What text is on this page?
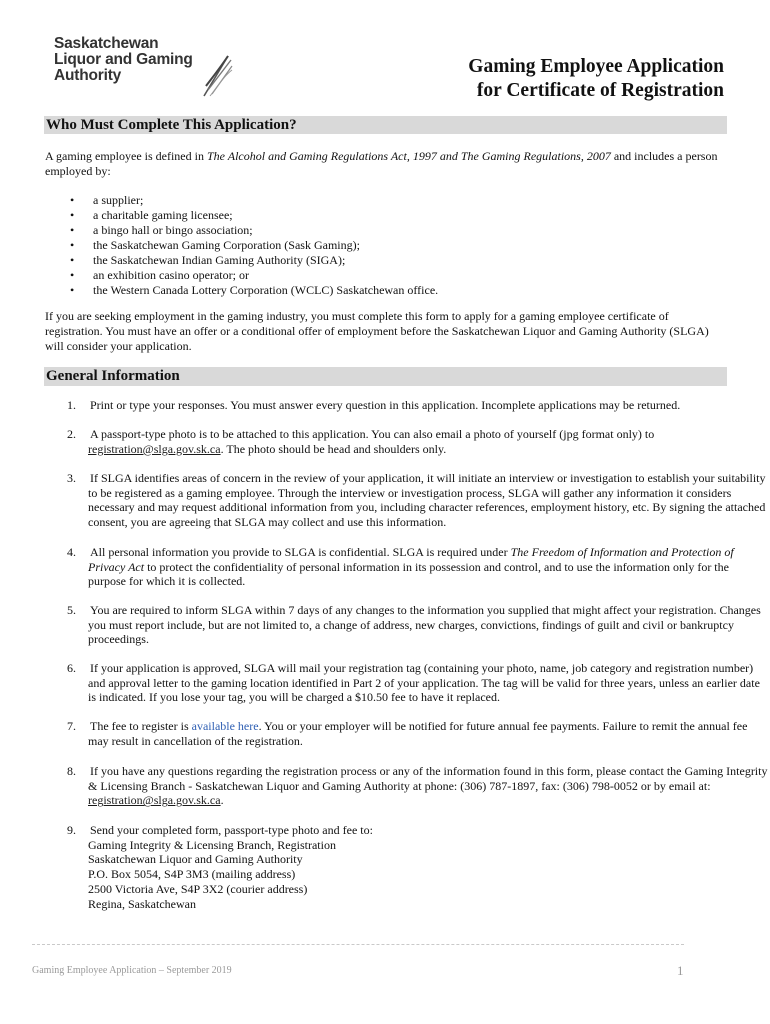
Saskatchewan
Liquor and Gaming
Authority	Gaming Employee Application
for Certificate of Registration
Who Must Complete This Application?
A gaming employee is defined in The Alcohol and Gaming Regulations Act, 1997 and The Gaming Regulations, 2007 and includes a person employed by:
• a supplier;
• a charitable gaming licensee;
• a bingo hall or bingo association;
• the Saskatchewan Gaming Corporation (Sask Gaming);
• the Saskatchewan Indian Gaming Authority (SIGA);
• an exhibition casino operator; or
• the Western Canada Lottery Corporation (WCLC) Saskatchewan office.
If you are seeking employment in the gaming industry, you must complete this form to apply for a gaming employee certificate of registration. You must have an offer or a conditional offer of employment before the Saskatchewan Liquor and Gaming Authority (SLGA) will consider your application.
General Information
1. Print or type your responses. You must answer every question in this application. Incomplete applications may be returned.
2. A passport-type photo is to be attached to this application. You can also email a photo of yourself (jpg format only) to registration@slga.gov.sk.ca. The photo should be head and shoulders only.
3. If SLGA identifies areas of concern in the review of your application, it will initiate an interview or investigation to establish your suitability to be registered as a gaming employee. Through the interview or investigation process, SLGA will gather any information it considers necessary and may request additional information from you, including character references, employment history, etc. By signing the attached consent, you are agreeing that SLGA may collect and use this information.
4. All personal information you provide to SLGA is confidential. SLGA is required under The Freedom of Information and Protection of Privacy Act to protect the confidentiality of personal information in its possession and control, and to use the information only for the purpose for which it is collected.
5. You are required to inform SLGA within 7 days of any changes to the information you supplied that might affect your registration. Changes you must report include, but are not limited to, a change of address, new charges, convictions, findings of guilt and civil or bankruptcy proceedings.
6. If your application is approved, SLGA will mail your registration tag (containing your photo, name, job category and registration number) and approval letter to the gaming location identified in Part 2 of your application. The tag will be valid for three years, unless an earlier date is indicated. If you lose your tag, you will be charged a $10.50 fee to have it replaced.
7. The fee to register is available here. You or your employer will be notified for future annual fee payments. Failure to remit the annual fee may result in cancellation of the registration.
8. If you have any questions regarding the registration process or any of the information found in this form, please contact the Gaming Integrity & Licensing Branch - Saskatchewan Liquor and Gaming Authority at phone: (306) 787-1897, fax: (306) 798-0052 or by email at: registration@slga.gov.sk.ca.
9. Send your completed form, passport-type photo and fee to:
Gaming Integrity & Licensing Branch, Registration
Saskatchewan Liquor and Gaming Authority
P.O. Box 5054, S4P 3M3 (mailing address)
2500 Victoria Ave, S4P 3X2 (courier address)
Regina, Saskatchewan
Gaming Employee Application – September 2019	1
